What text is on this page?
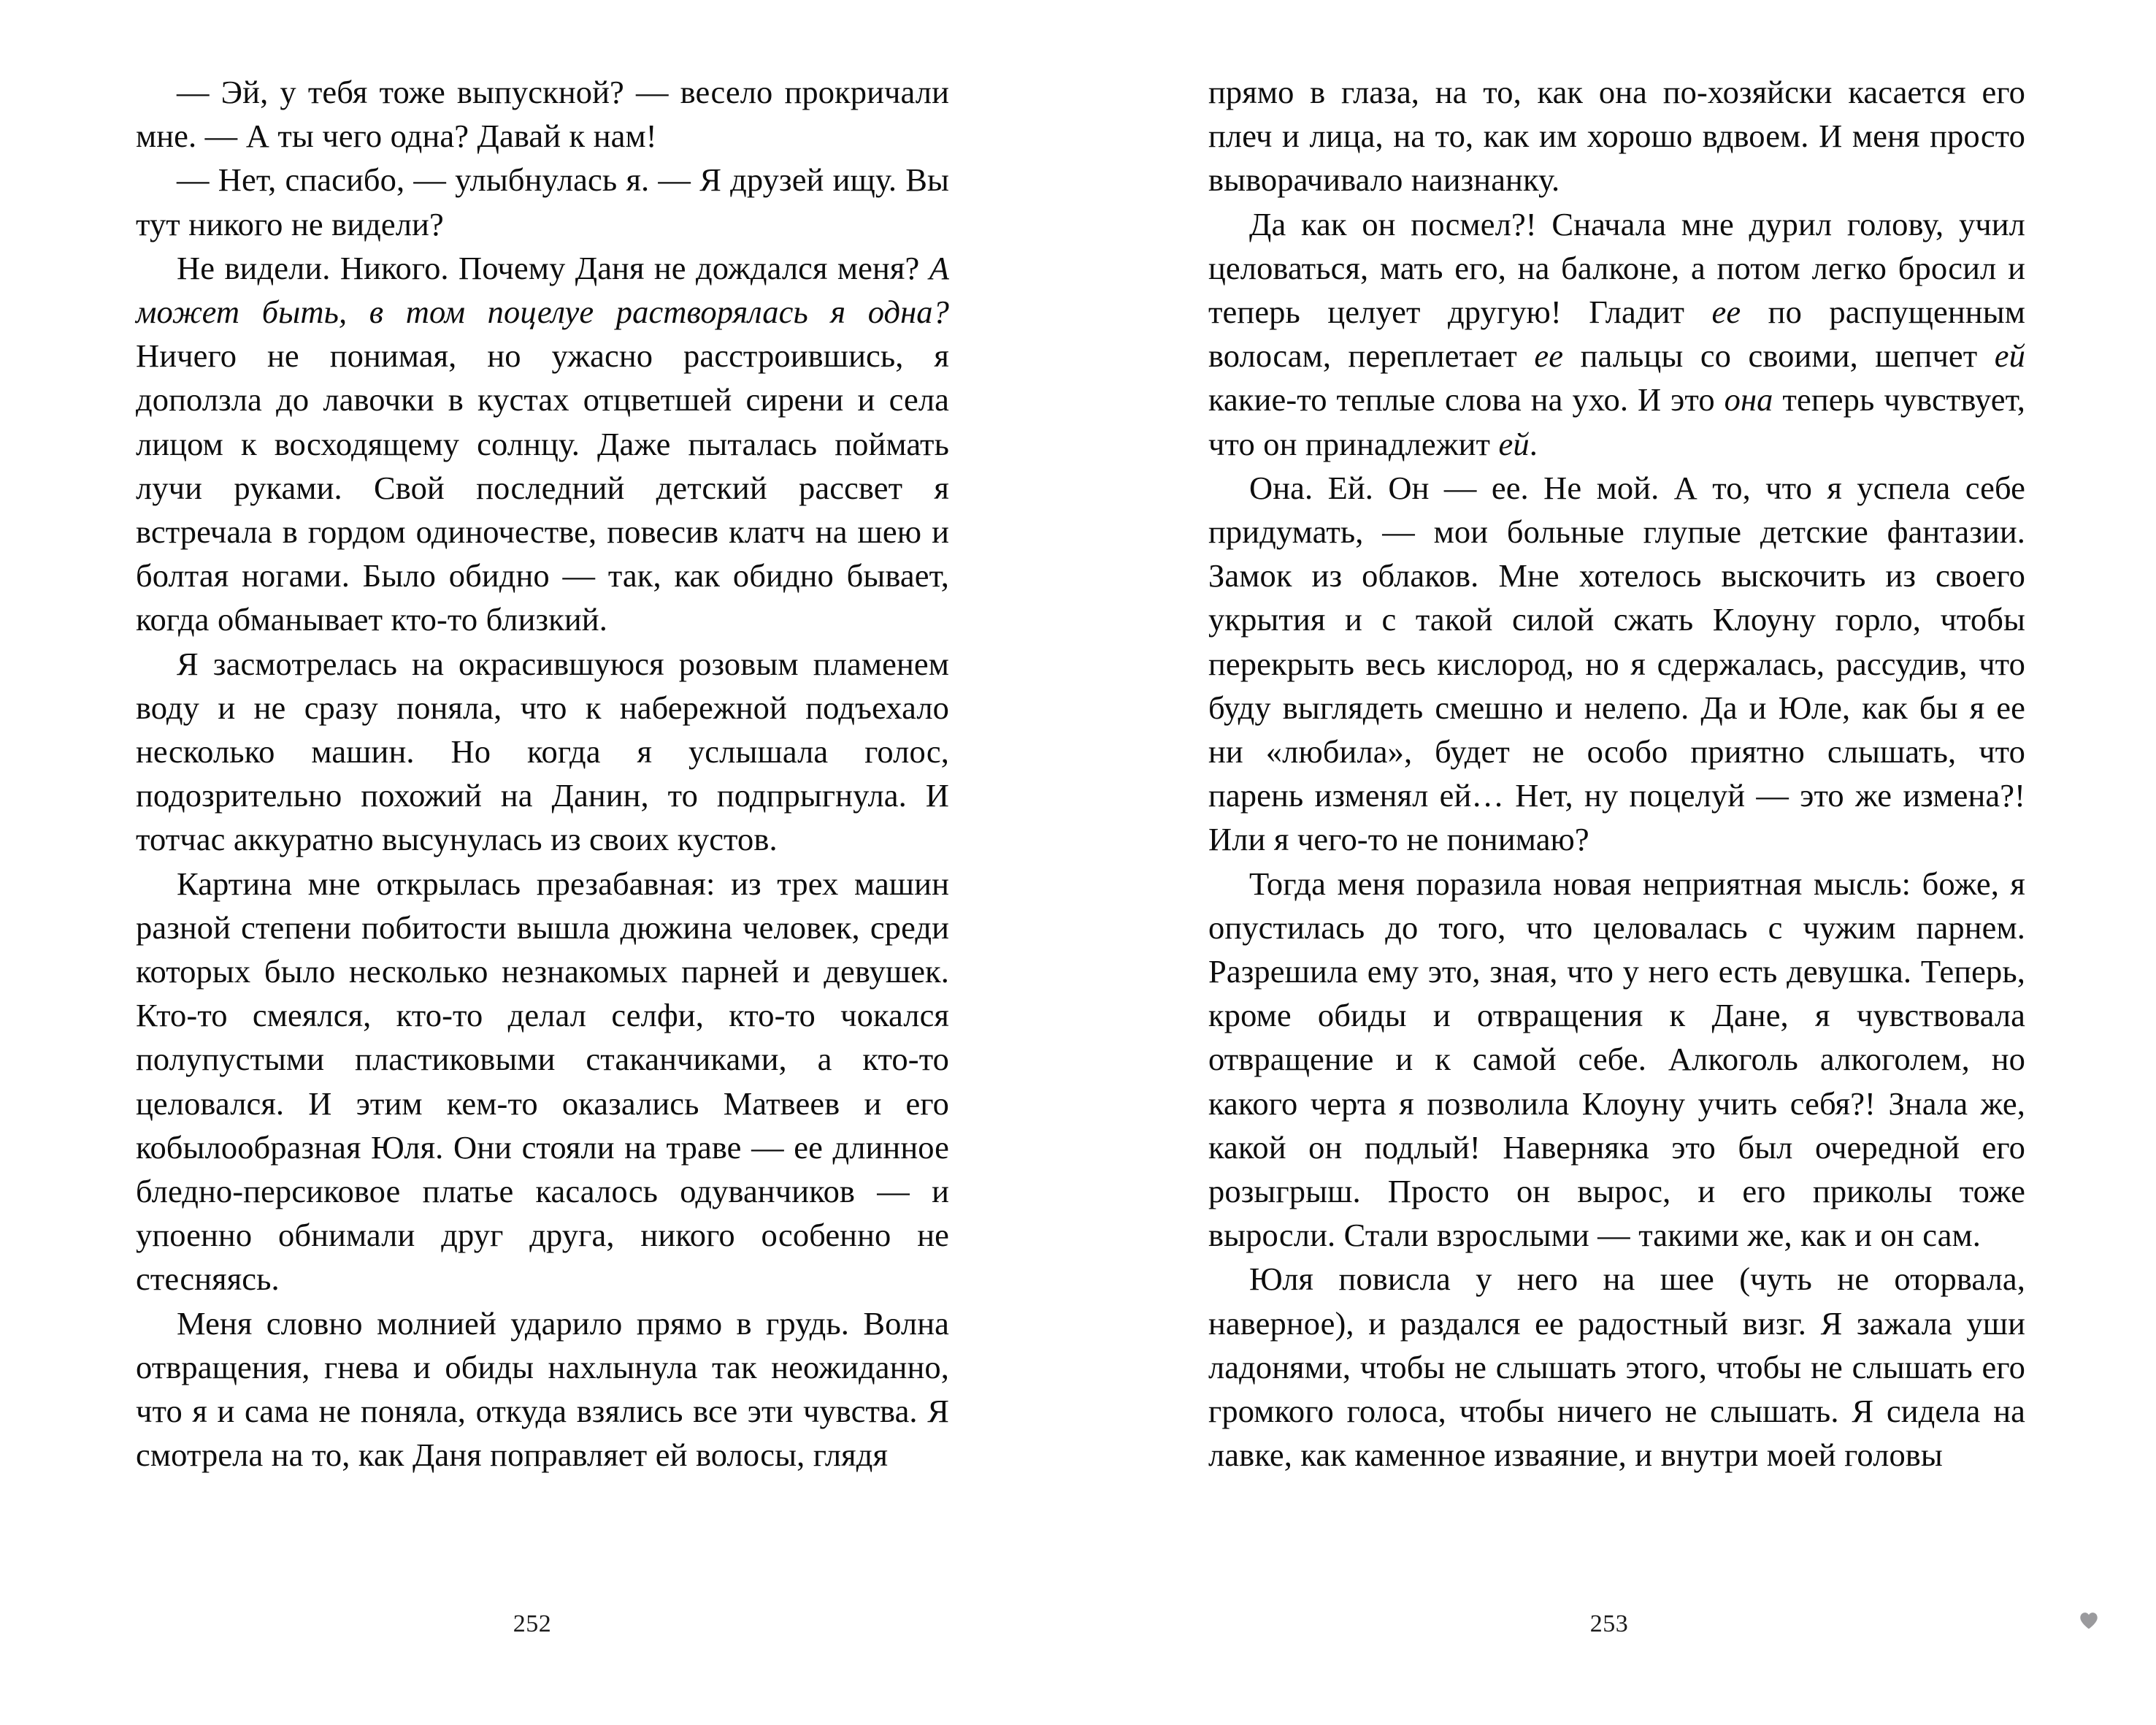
— Эй, у тебя тоже выпускной? — весело прокричали мне. — А ты чего одна? Давай к нам!

— Нет, спасибо, — улыбнулась я. — Я друзей ищу. Вы тут никого не видели?

Не видели. Никого. Почему Даня не дождался меня? А может быть, в том поцелуе растворялась я одна? Ничего не понимая, но ужасно расстроившись, я доползла до лавочки в кустах отцветшей сирени и села лицом к восходящему солнцу. Даже пыталась поймать лучи руками. Свой последний детский рассвет я встречала в гордом одиночестве, повесив клатч на шею и болтая ногами. Было обидно — так, как обидно бывает, когда обманывает кто-то близкий.

Я засмотрелась на окрасившуюся розовым пламенем воду и не сразу поняла, что к набережной подъехало несколько машин. Но когда я услышала голос, подозрительно похожий на Данин, то подпрыгнула. И тотчас аккуратно высунулась из своих кустов.

Картина мне открылась презабавная: из трех машин разной степени побитости вышла дюжина человек, среди которых было несколько незнакомых парней и девушек. Кто-то смеялся, кто-то делал селфи, кто-то чокался полупустыми пластиковыми стаканчиками, а кто-то целовался. И этим кем-то оказались Матвеев и его кобылообразная Юля. Они стояли на траве — ее длинное бледно-персиковое платье касалось одуванчиков — и упоенно обнимали друг друга, никого особенно не стесняясь.

Меня словно молнией ударило прямо в грудь. Волна отвращения, гнева и обиды нахлынула так неожиданно, что я и сама не поняла, откуда взялись все эти чувства. Я смотрела на то, как Даня поправляет ей волосы, глядя

252

прямо в глаза, на то, как она по-хозяйски касается его плеч и лица, на то, как им хорошо вдвоем. И меня просто выворачивало наизнанку.

Да как он посмел?! Сначала мне дурил голову, учил целоваться, мать его, на балконе, а потом легко бросил и теперь целует другую! Гладит ее по распущенным волосам, переплетает ее пальцы со своими, шепчет ей какие-то теплые слова на ухо. И это она теперь чувствует, что он принадлежит ей.

Она. Ей. Он — ее. Не мой. А то, что я успела себе придумать, — мои больные глупые детские фантазии. Замок из облаков. Мне хотелось выскочить из своего укрытия и с такой силой сжать Клоуну горло, чтобы перекрыть весь кислород, но я сдержалась, рассудив, что буду выглядеть смешно и нелепо. Да и Юле, как бы я ее ни «любила», будет не особо приятно слышать, что парень изменял ей… Нет, ну поцелуй — это же измена?! Или я чего-то не понимаю?

Тогда меня поразила новая неприятная мысль: боже, я опустилась до того, что целовалась с чужим парнем. Разрешила ему это, зная, что у него есть девушка. Теперь, кроме обиды и отвращения к Дане, я чувствовала отвращение и к самой себе. Алкоголь алкоголем, но какого черта я позволила Клоуну учить себя?! Знала же, какой он подлый! Наверняка это был очередной его розыгрыш. Просто он вырос, и его приколы тоже выросли. Стали взрослыми — такими же, как и он сам.

Юля повисла у него на шее (чуть не оторвала, наверное), и раздался ее радостный визг. Я зажала уши ладонями, чтобы не слышать этого, чтобы не слышать его громкого голоса, чтобы ничего не слышать. Я сидела на лавке, как каменное изваяние, и внутри моей головы

253
